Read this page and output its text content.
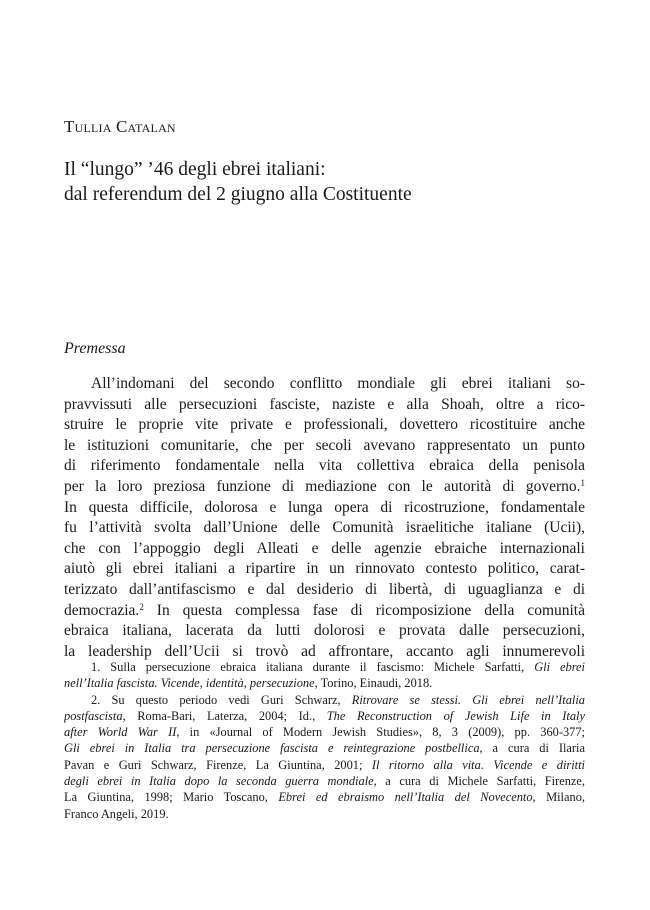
Tullia Catalan
Il “lungo” ’46 degli ebrei italiani:
dal referendum del 2 giugno alla Costituente
Premessa
All’indomani del secondo conflitto mondiale gli ebrei italiani so-
pravvissuti alle persecuzioni fasciste, naziste e alla Shoah, oltre a rico-
struire le proprie vite private e professionali, dovettero ricostituire anche
le istituzioni comunitarie, che per secoli avevano rappresentato un punto
di riferimento fondamentale nella vita collettiva ebraica della penisola
per la loro preziosa funzione di mediazione con le autorità di governo.$^1$
In questa difficile, dolorosa e lunga opera di ricostruzione, fondamentale
fu l’attività svolta dall’Unione delle Comunità israelitiche italiane (Ucii),
che con l’appoggio degli Alleati e delle agenzie ebraiche internazionali
aiutò gli ebrei italiani a ripartire in un rinnovato contesto politico, carat-
terizzato dall’antifascismo e dal desiderio di libertà, di uguaglianza e di
democrazia.$^2$ In questa complessa fase di ricomposizione della comunità
ebraica italiana, lacerata da lutti dolorosi e provata dalle persecuzioni,
la leadership dell’Ucii si trovò ad affrontare, accanto agli innumerevoli
1. Sulla persecuzione ebraica italiana durante il fascismo: Michele Sarfatti, Gli ebrei
nell’Italia fascista. Vicende, identità, persecuzione, Torino, Einaudi, 2018.
2. Su questo periodo vedi Guri Schwarz, Ritrovare se stessi. Gli ebrei nell’Italia
postfascista, Roma-Bari, Laterza, 2004; Id., The Reconstruction of Jewish Life in Italy
after World War II, in «Journal of Modern Jewish Studies», 8, 3 (2009), pp. 360-377;
Gli ebrei in Italia tra persecuzione fascista e reintegrazione postbellica, a cura di Ilaria
Pavan e Guri Schwarz, Firenze, La Giuntina, 2001; Il ritorno alla vita. Vicende e diritti
degli ebrei in Italia dopo la seconda guerra mondiale, a cura di Michele Sarfatti, Firenze,
La Giuntina, 1998; Mario Toscano, Ebrei ed ebraismo nell’Italia del Novecento, Milano,
Franco Angeli, 2019.
